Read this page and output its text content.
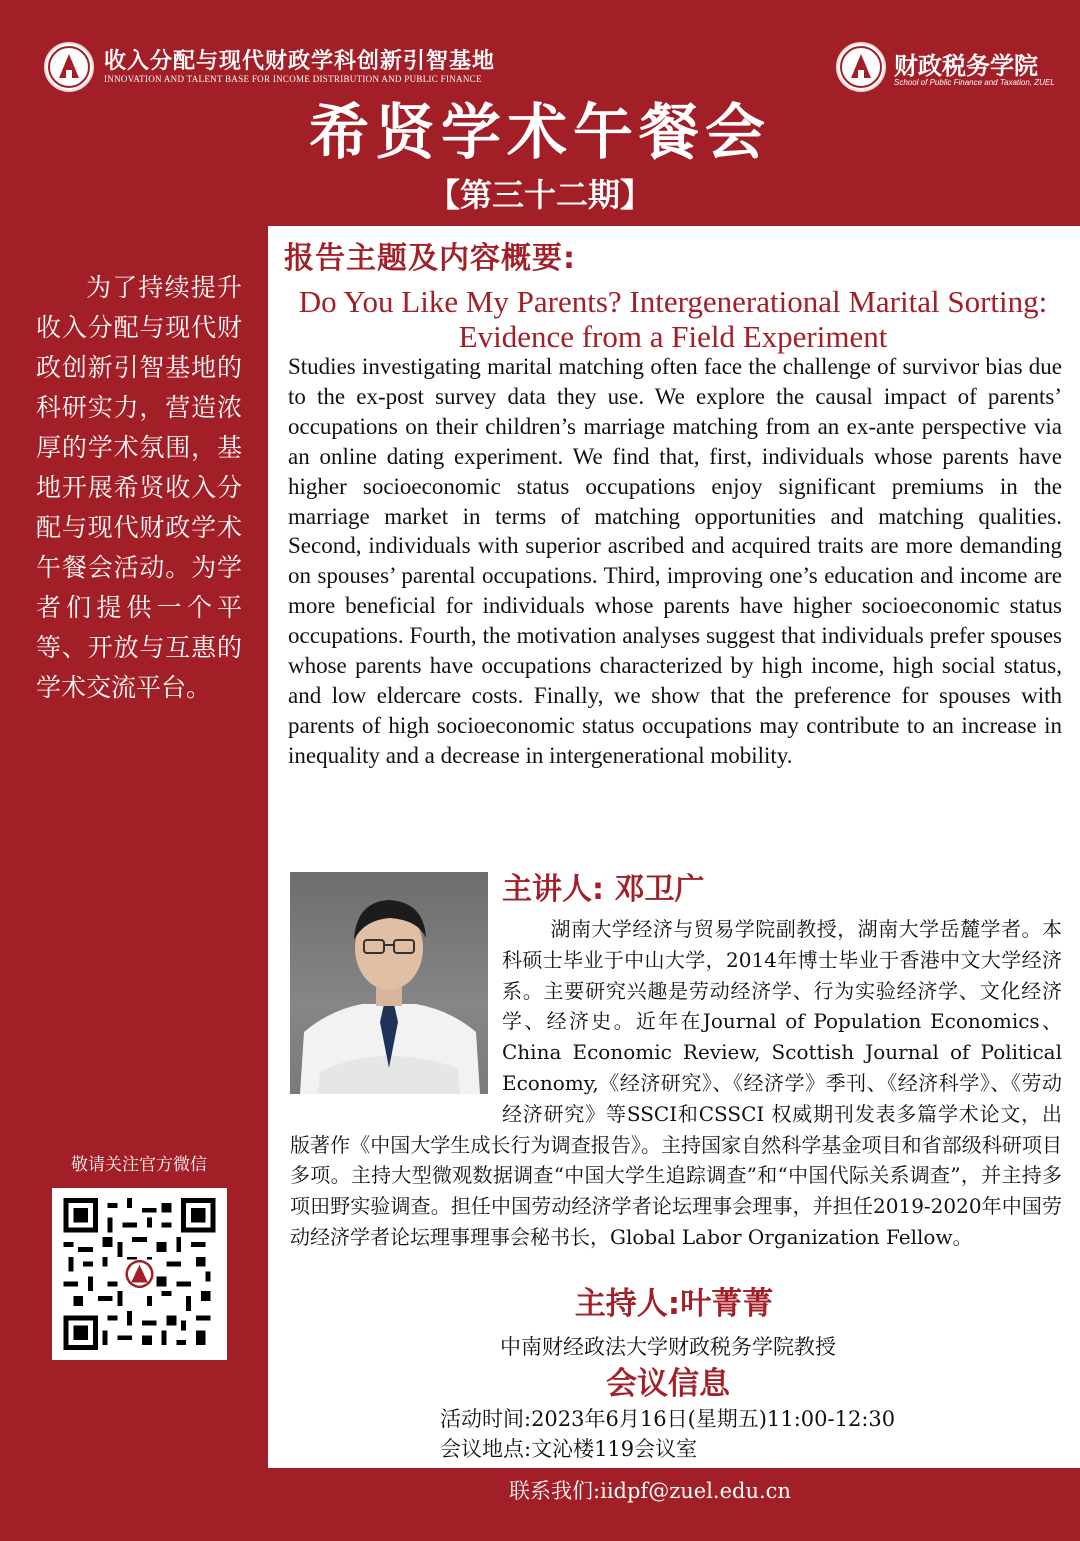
收入分配与现代财政学科创新引智基地
INNOVATION AND TALENT BASE FOR INCOME DISTRIBUTION AND PUBLIC FINANCE	财政税务学院
School of Public Finance and Taxation, ZUEL
希贤学术午餐会
【第三十二期】
为了持续提升收入分配与现代财政创新引智基地的科研实力，营造浓厚的学术氛围，基地开展希贤收入分配与现代财政学术午餐会活动。为学者们提供一个平等、开放与互惠的学术交流平台。
敬请关注官方微信
报告主题及内容概要:
Do You Like My Parents? Intergenerational Marital Sorting: Evidence from a Field Experiment
Studies investigating marital matching often face the challenge of survivor bias due to the ex-post survey data they use. We explore the causal impact of parents’ occupations on their children’s marriage matching from an ex-ante perspective via an online dating experiment. We find that, first, individuals whose parents have higher socioeconomic status occupations enjoy significant premiums in the marriage market in terms of matching opportunities and matching qualities. Second, individuals with superior ascribed and acquired traits are more demanding on spouses’ parental occupations. Third, improving one’s education and income are more beneficial for individuals whose parents have higher socioeconomic status occupations. Fourth, the motivation analyses suggest that individuals prefer spouses whose parents have occupations characterized by high income, high social status, and low eldercare costs. Finally, we show that the preference for spouses with parents of high socioeconomic status occupations may contribute to an increase in inequality and a decrease in intergenerational mobility.
主讲人: 邓卫广
湖南大学经济与贸易学院副教授，湖南大学岳麓学者。本科硕士毕业于中山大学，2014年博士毕业于香港中文大学经济系。主要研究兴趣是劳动经济学、行为实验经济学、文化经济学、经济史。近年在Journal of Population Economics、China Economic Review, Scottish Journal of Political Economy,《经济研究》、《经济学》季刊、《经济科学》、《劳动经济研究》等SSCI和CSSCI 权威期刊发表多篇学术论文，出版著作《中国大学生成长行为调查报告》。主持国家自然科学基金项目和省部级科研项目多项。主持大型微观数据调查“中国大学生追踪调查”和“中国代际关系调查”，并主持多项田野实验调查。担任中国劳动经济学者论坛理事会理事，并担任2019-2020年中国劳动经济学者论坛理事理事会秘书长，Global Labor Organization Fellow。
主持人:叶菁菁
中南财经政法大学财政税务学院教授
会议信息
活动时间:2023年6月16日(星期五)11:00-12:30
会议地点:文沁楼119会议室
联系我们:iidpf@zuel.edu.cn
